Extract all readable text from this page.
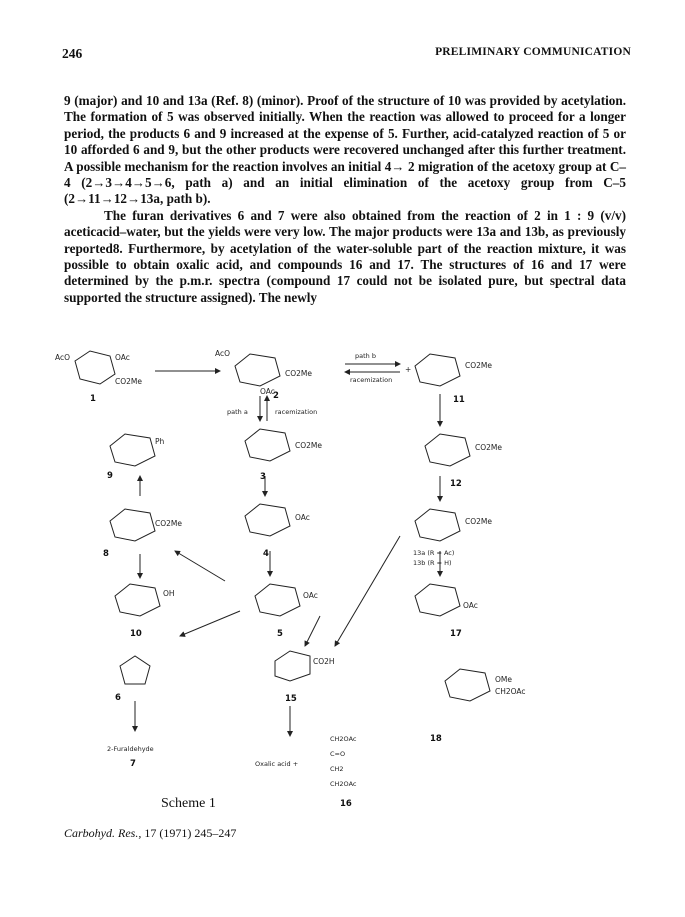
246	PRELIMINARY COMMUNICATION

9 (major) and 10 and 13a (Ref. 8) (minor). Proof of the structure of 10 was provided by acetylation. The formation of 5 was observed initially. When the reaction was allowed to proceed for a longer period, the products 6 and 9 increased at the expense of 5. Further, acid-catalyzed reaction of 5 or 10 afforded 6 and 9, but the other products were recovered unchanged after this further treatment. A possible mechanism for the reaction involves an initial 4→ 2 migration of the acetoxy group at C–4 (2→3→4→5→6, path a) and an initial elimination of the acetoxy group from C–5 (2→11→12→13a, path b).

The furan derivatives 6 and 7 were also obtained from the reaction of 2 in 1 : 9 (v/v) aceticacid–water, but the yields were very low. The major products were 13a and 13b, as previously reported8. Furthermore, by acetylation of the water-soluble part of the reaction mixture, it was possible to obtain oxalic acid, and compounds 16 and 17. The structures of 16 and 17 were determined by the p.m.r. spectra (compound 17 could not be isolated pure, but spectral data supported the structure assigned). The newly

1	2	11
3
9
12
8	4	13a (R = Ac)
13b (R = H)
10	5	17
6	15
18
7
16
AcO	OAc
CO2Me
CO2Me
AcO
OAc
path b
racemization
+	CO2Me
path a	racemization
Ph	CO2Me	CO2Me
CO2Me
OAc	CO2Me
OH	OAc
OAc
CO2H
OMe
CH2OAc
2-Furaldehyde
Oxalic acid +
CH2OAc
C=O
CH2
CH2OAc
Scheme 1
Carbohyd. Res., 17 (1971) 245–247
